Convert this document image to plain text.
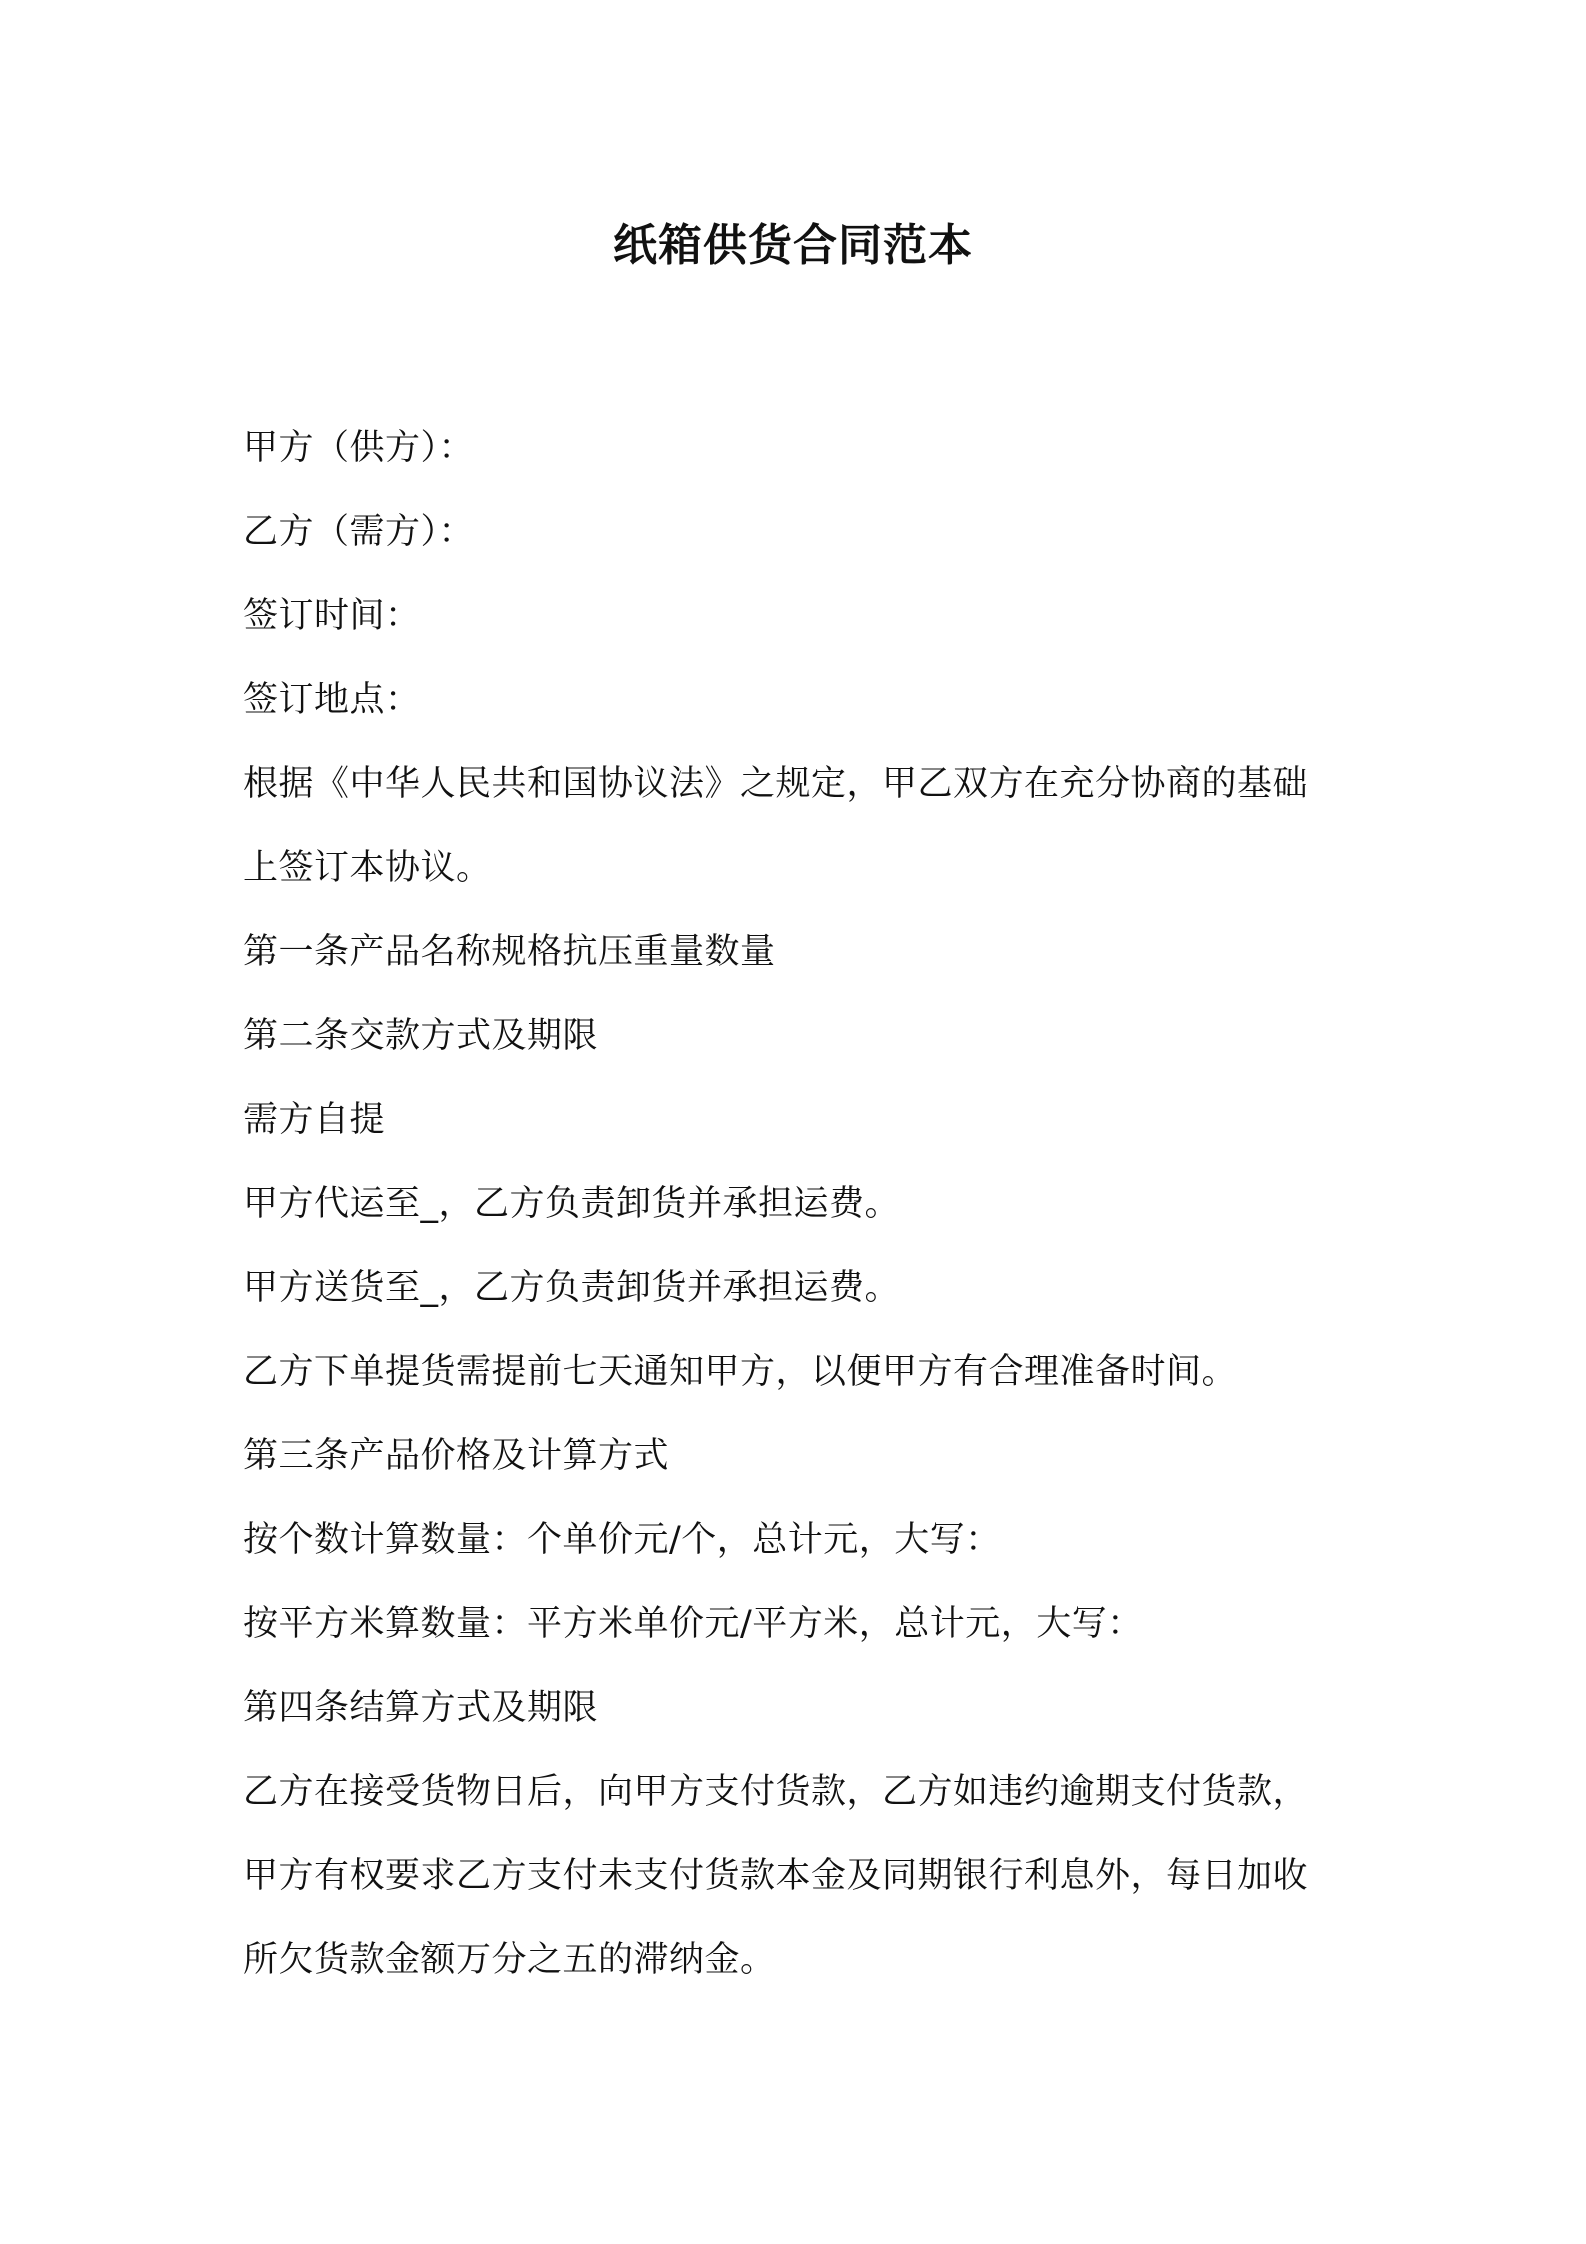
纸箱供货合同范本
甲方（供方）：
乙方（需方）：
签订时间：
签订地点：
根据《中华人民共和国协议法》之规定，甲乙双方在充分协商的基础
上签订本协议。
第一条产品名称规格抗压重量数量
第二条交款方式及期限
需方自提
甲方代运至_，乙方负责卸货并承担运费。
甲方送货至_，乙方负责卸货并承担运费。
乙方下单提货需提前七天通知甲方，以便甲方有合理准备时间。
第三条产品价格及计算方式
按个数计算数量：个单价元/个，总计元，大写：
按平方米算数量：平方米单价元/平方米，总计元，大写：
第四条结算方式及期限
乙方在接受货物日后，向甲方支付货款，乙方如违约逾期支付货款，
甲方有权要求乙方支付未支付货款本金及同期银行利息外，每日加收
所欠货款金额万分之五的滞纳金。
